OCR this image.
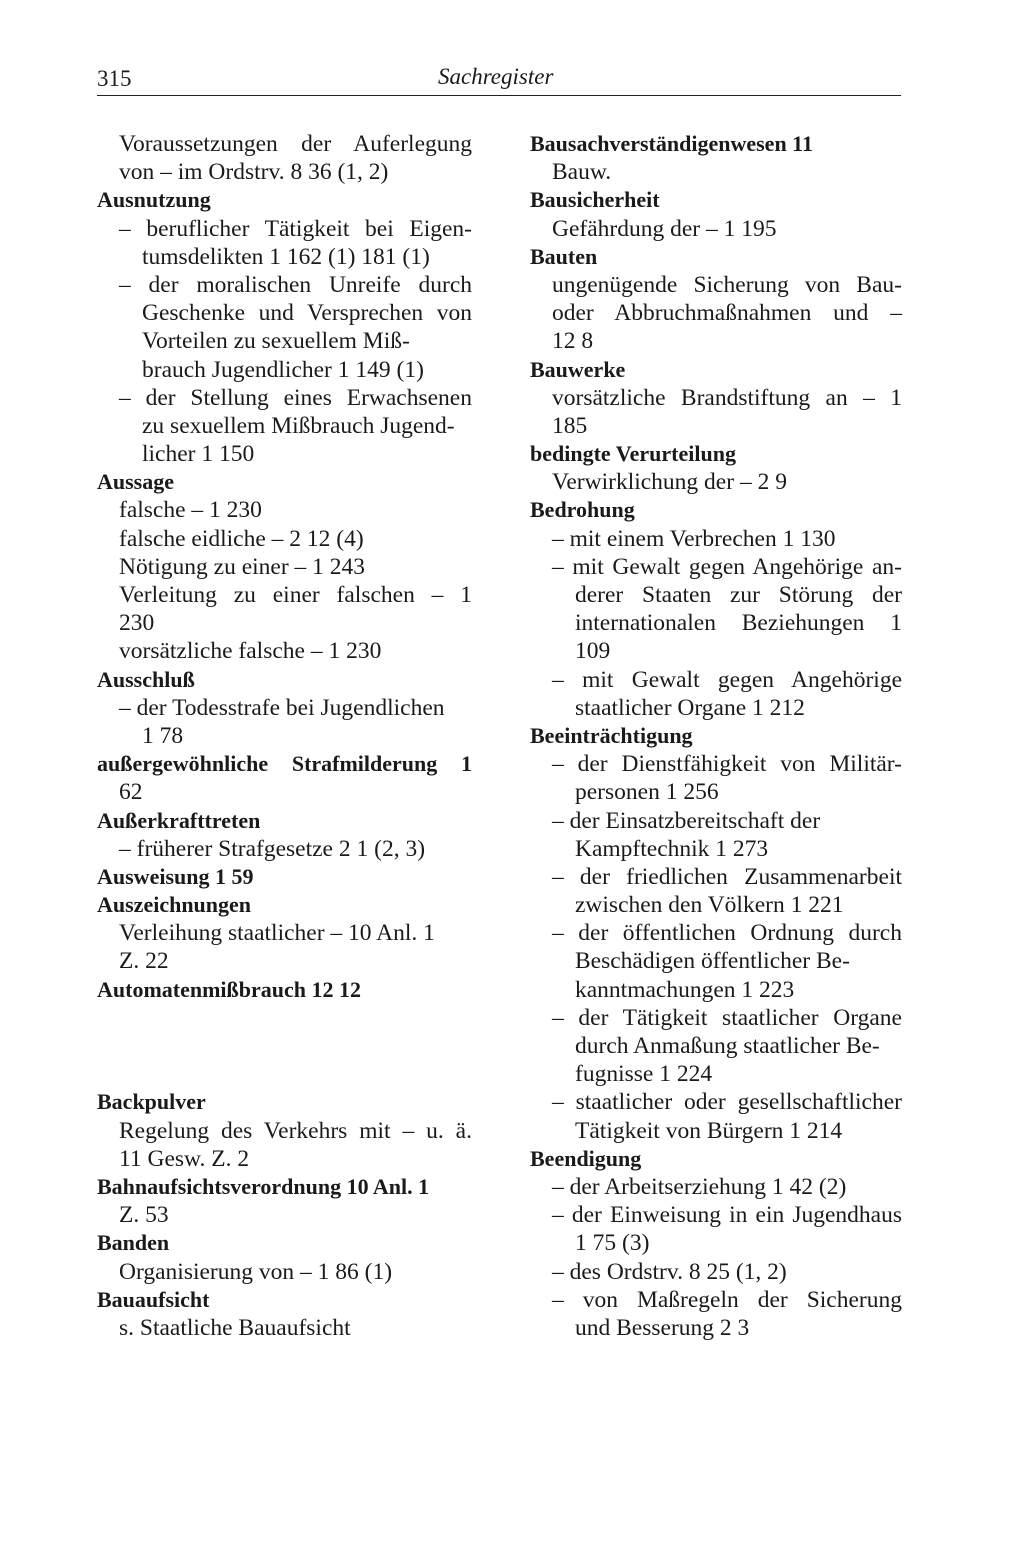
315	Sachregister
Voraussetzungen der Auferlegung
von – im Ordstrv. 8 36 (1, 2)
Ausnutzung
– beruflicher Tätigkeit bei Eigen-
tumsdelikten 1 162 (1) 181 (1)
– der moralischen Unreife durch
Geschenke und Versprechen von
Vorteilen zu sexuellem Miß-
brauch Jugendlicher 1 149 (1)
– der Stellung eines Erwachsenen
zu sexuellem Mißbrauch Jugend-
licher 1 150
Aussage
falsche – 1 230
falsche eidliche – 2 12 (4)
Nötigung zu einer – 1 243
Verleitung zu einer falschen – 1
230
vorsätzliche falsche – 1 230
Ausschluß
– der Todesstrafe bei Jugendlichen
1 78
außergewöhnliche Strafmilderung 1
62
Außerkrafttreten
– früherer Strafgesetze 2 1 (2, 3)
Ausweisung 1 59
Auszeichnungen
Verleihung staatlicher – 10 Anl. 1
Z. 22
Automatenmißbrauch 12 12
Backpulver
Regelung des Verkehrs mit – u. ä.
11 Gesw. Z. 2
Bahnaufsichtsverordnung 10 Anl. 1
Z. 53
Banden
Organisierung von – 1 86 (1)
Bauaufsicht
s. Staatliche Bauaufsicht
Bausachverständigenwesen 11
Bauw.
Bausicherheit
Gefährdung der – 1 195
Bauten
ungenügende Sicherung von Bau-
oder Abbruchmaßnahmen und –
12 8
Bauwerke
vorsätzliche Brandstiftung an – 1
185
bedingte Verurteilung
Verwirklichung der – 2 9
Bedrohung
– mit einem Verbrechen 1 130
– mit Gewalt gegen Angehörige an-
derer Staaten zur Störung der
internationalen Beziehungen 1
109
– mit Gewalt gegen Angehörige
staatlicher Organe 1 212
Beeinträchtigung
– der Dienstfähigkeit von Militär-
personen 1 256
– der Einsatzbereitschaft der
Kampftechnik 1 273
– der friedlichen Zusammenarbeit
zwischen den Völkern 1 221
– der öffentlichen Ordnung durch
Beschädigen öffentlicher Be-
kanntmachungen 1 223
– der Tätigkeit staatlicher Organe
durch Anmaßung staatlicher Be-
fugnisse 1 224
– staatlicher oder gesellschaftlicher
Tätigkeit von Bürgern 1 214
Beendigung
– der Arbeitserziehung 1 42 (2)
– der Einweisung in ein Jugendhaus
1 75 (3)
– des Ordstrv. 8 25 (1, 2)
– von Maßregeln der Sicherung
und Besserung 2 3
